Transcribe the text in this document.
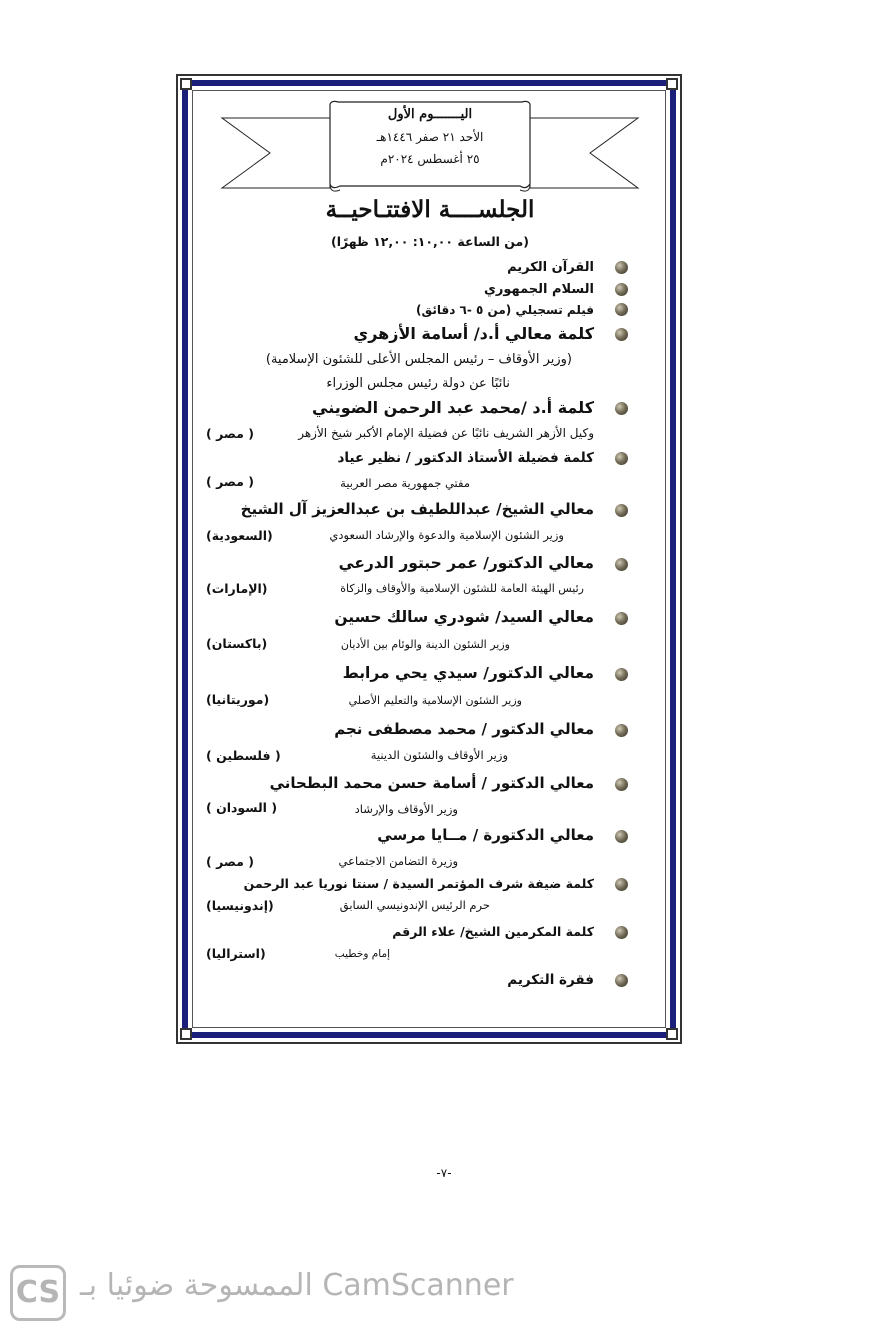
اليـــــــوم الأول
الأحد ٢١ صفر ١٤٤٦هـ
٢٥ أغسطس ٢٠٢٤م
الجلســــة الافتتـاحيــة
(من الساعة ١٠,٠٠: ١٢,٠٠ ظهرًا)
القرآن الكريم
السلام الجمهوري
فيلم تسجيلي (من ٥ -٦ دقائق)
كلمة معالي أ.د/ أسامة الأزهري
(وزير الأوقاف – رئيس المجلس الأعلى للشئون الإسلامية)
نائبًا عن دولة رئيس مجلس الوزراء
كلمة أ.د /محمد عبد الرحمن الضويني
وكيل الأزهر الشريف نائبًا عن فضيلة الإمام الأكبر شيخ الأزهر
( مصر )
كلمة فضيلة الأستاذ الدكتور / نظير عياد
مفتي جمهورية مصر العربية
( مصر )
معالي الشيخ/ عبداللطيف بن عبدالعزيز آل الشيخ
وزير الشئون الإسلامية والدعوة والإرشاد السعودي
(السعودية)
معالي الدكتور/ عمر حبتور الدرعي
رئيس الهيئة العامة للشئون الإسلامية والأوقاف والزكاة
(الإمارات)
معالي السيد/ شودري سالك حسين
وزير الشئون الدينة والوئام بين الأديان
(باكستان)
معالي الدكتور/ سيدي يحي مرابط
وزير الشئون الإسلامية والتعليم الأصلي
(موريتانيا)
معالي الدكتور / محمد مصطفى نجم
وزير الأوقاف والشئون الدينية
( فلسطين )
معالي الدكتور / أسامة حسن محمد البطحاني
وزير الأوقاف والإرشاد
( السودان )
معالي الدكتورة / مــايا مرسي
وزيرة التضامن الاجتماعي
( مصر )
كلمة ضيفة شرف المؤتمر السيدة / سنتا نوريا عبد الرحمن
حرم الرئيس الإندونيسي السابق
(إندونيسيا)
كلمة المكرمين الشيخ/ علاء الرقم
إمام وخطيب
(استراليا)
فقرة التكريم
-٧-
CS الممسوحة ضوئيا بـ CamScanner
